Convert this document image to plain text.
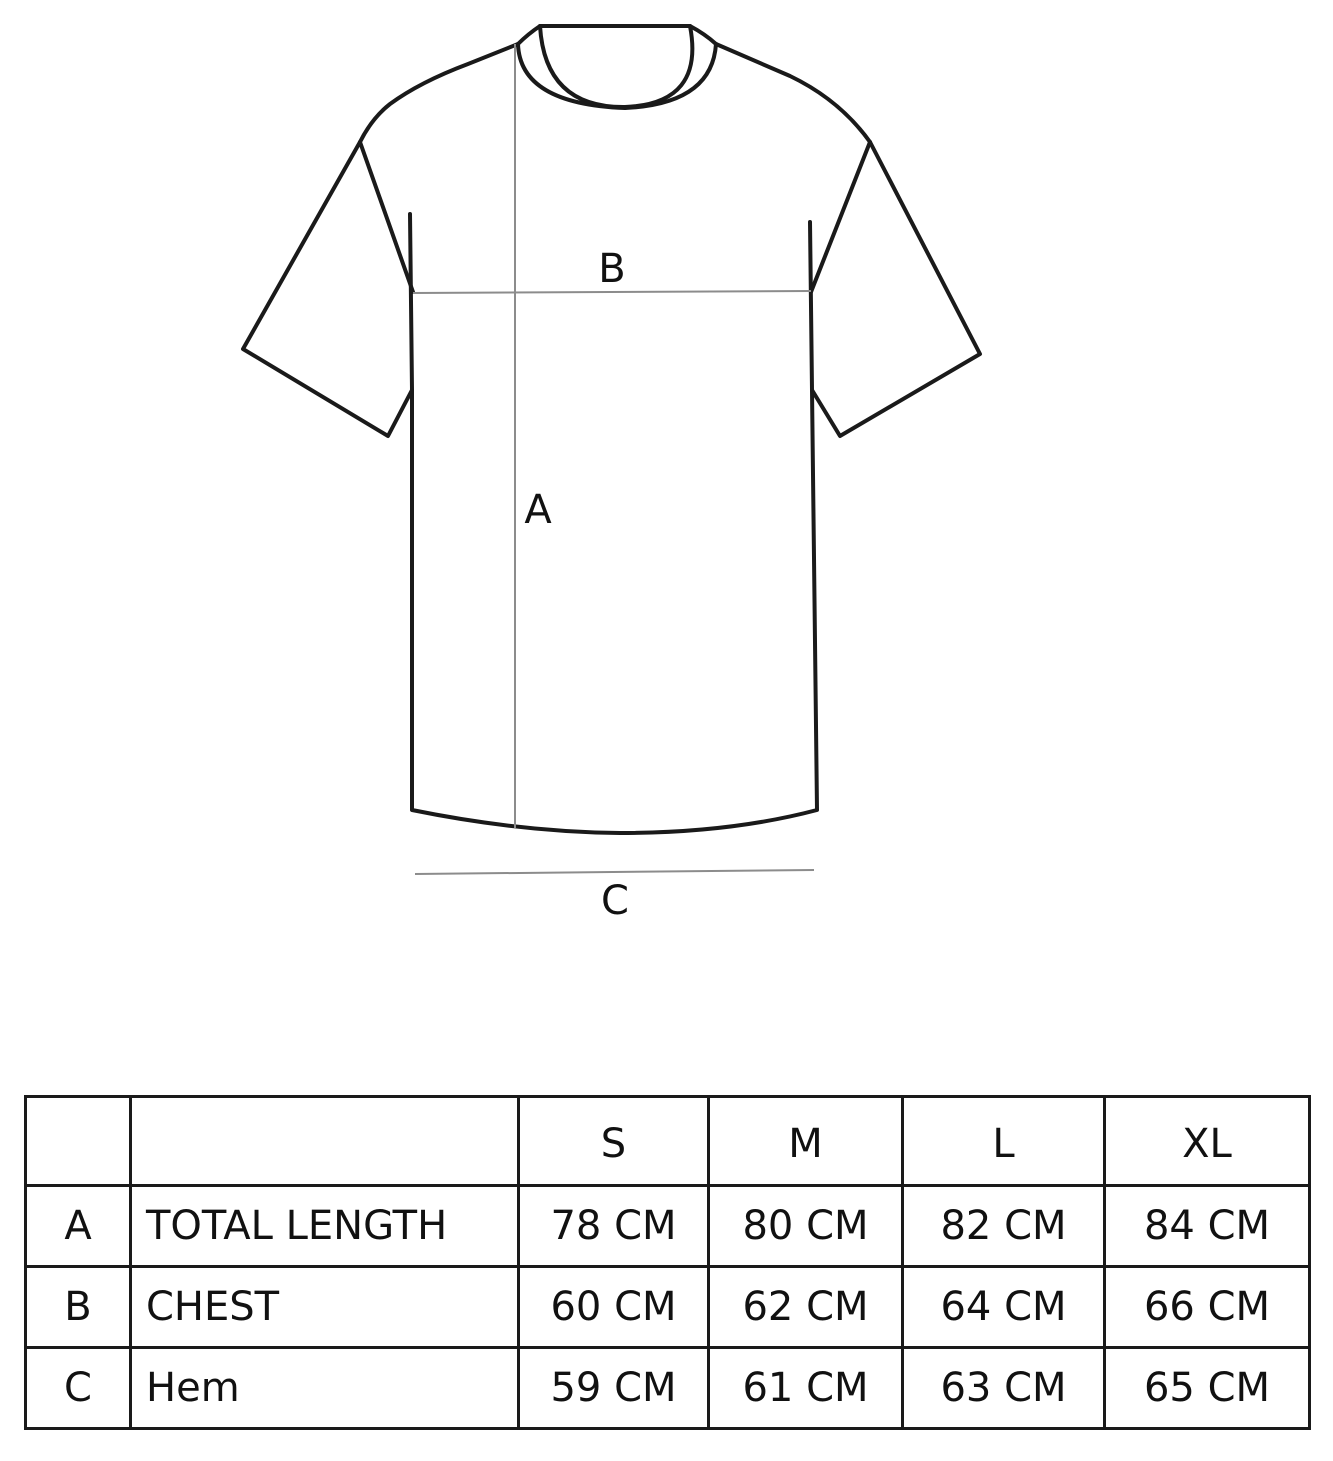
A
B
C
		S	M	L	XL
A	TOTAL LENGTH	78 CM	80 CM	82 CM	84 CM
B	CHEST	60 CM	62 CM	64 CM	66 CM
C	Hem	59 CM	61 CM	63 CM	65 CM
